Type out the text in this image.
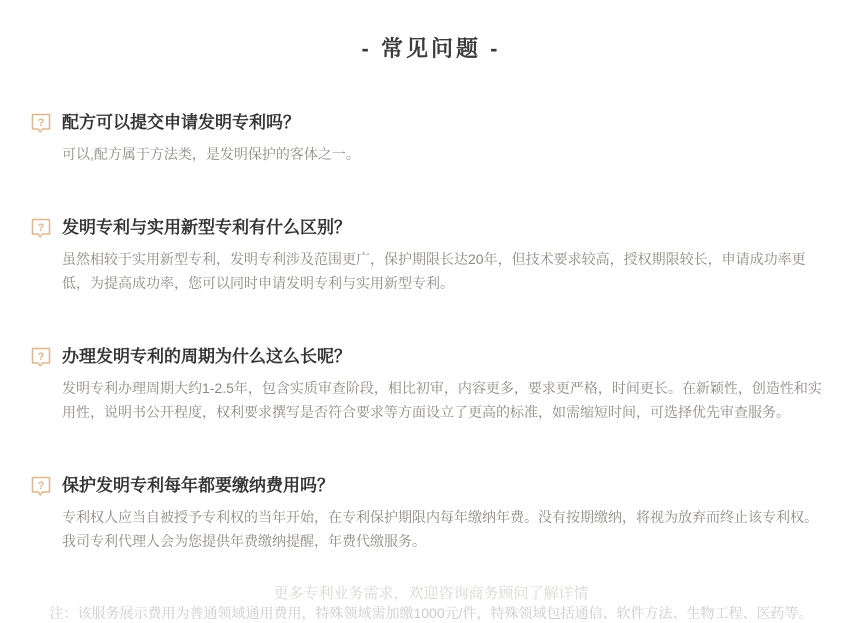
- 常见问题 -
? 配方可以提交申请发明专利吗？
可以,配方属于方法类，是发明保护的客体之一。
? 发明专利与实用新型专利有什么区别？
虽然相较于实用新型专利，发明专利涉及范围更广，保护期限长达20年，但技术要求较高，授权期限较长，申请成功率更低，为提高成功率，您可以同时申请发明专利与实用新型专利。
? 办理发明专利的周期为什么这么长呢？
发明专利办理周期大约1-2.5年，包含实质审查阶段，相比初审，内容更多，要求更严格，时间更长。在新颖性，创造性和实用性，说明书公开程度，权利要求撰写是否符合要求等方面设立了更高的标准，如需缩短时间，可选择优先审查服务。
? 保护发明专利每年都要缴纳费用吗？
专利权人应当自被授予专利权的当年开始，在专利保护期限内每年缴纳年费。没有按期缴纳，将视为放弃而终止该专利权。我司专利代理人会为您提供年费缴纳提醒，年费代缴服务。
注：该服务展示费用为普通领域通用费用，特殊领域需加缴1000元/件，特殊领域包括通信、软件方法、生物工程、医药等。
更多专利业务需求，欢迎咨询商务顾问了解详情
